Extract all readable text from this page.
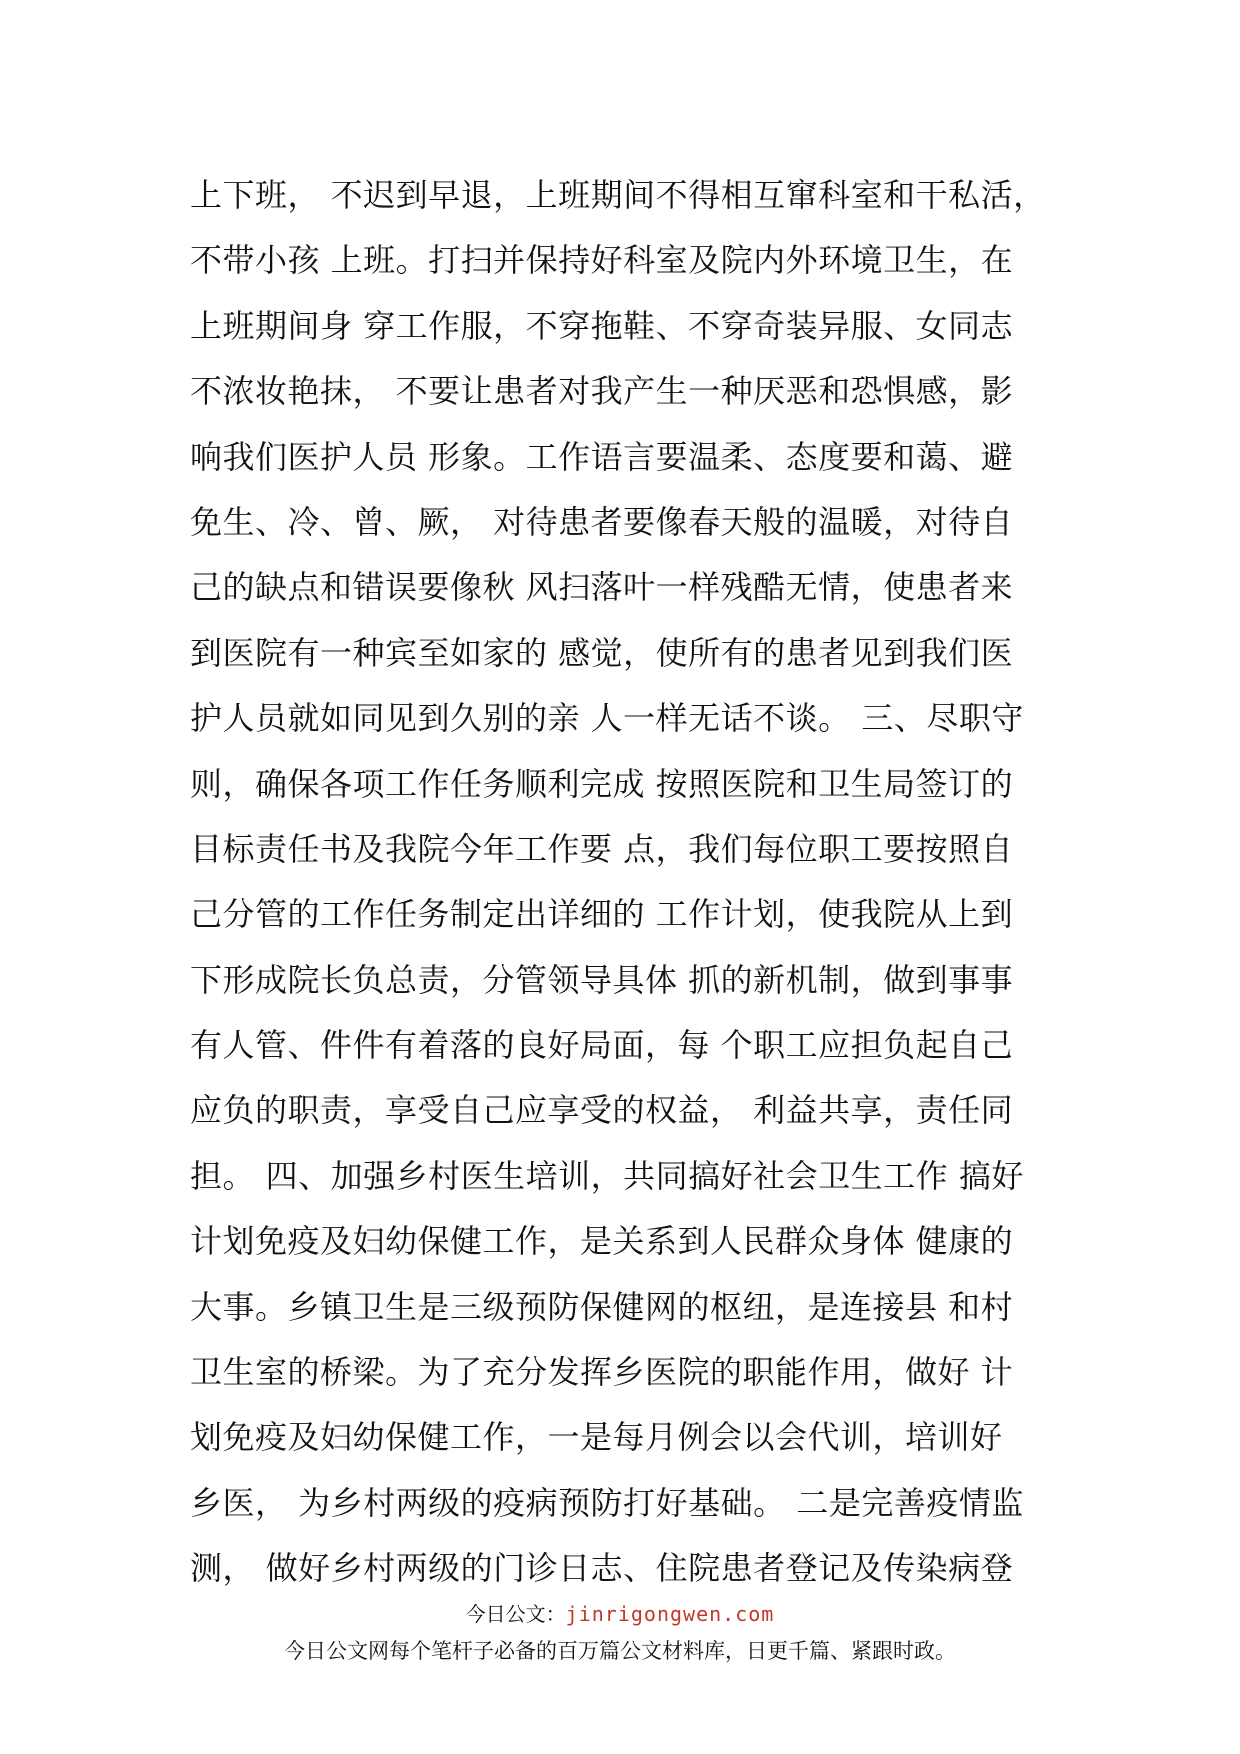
上下班， 不迟到早退，上班期间不得相互窜科室和干私活，
不带小孩 上班。打扫并保持好科室及院内外环境卫生，在
上班期间身 穿工作服，不穿拖鞋、不穿奇装异服、女同志
不浓妆艳抹， 不要让患者对我产生一种厌恶和恐惧感，影
响我们医护人员 形象。工作语言要温柔、态度要和蔼、避
免生、冷、曾、厥， 对待患者要像春天般的温暖，对待自
己的缺点和错误要像秋 风扫落叶一样残酷无情，使患者来
到医院有一种宾至如家的 感觉，使所有的患者见到我们医
护人员就如同见到久别的亲 人一样无话不谈。 三、尽职守
则，确保各项工作任务顺利完成 按照医院和卫生局签订的
目标责任书及我院今年工作要 点，我们每位职工要按照自
己分管的工作任务制定出详细的 工作计划，使我院从上到
下形成院长负总责，分管领导具体 抓的新机制，做到事事
有人管、件件有着落的良好局面，每 个职工应担负起自己
应负的职责，享受自己应享受的权益， 利益共享，责任同
担。 四、加强乡村医生培训，共同搞好社会卫生工作 搞好
计划免疫及妇幼保健工作，是关系到人民群众身体 健康的
大事。乡镇卫生是三级预防保健网的枢纽，是连接县 和村
卫生室的桥梁。为了充分发挥乡医院的职能作用，做好 计
划免疫及妇幼保健工作，一是每月例会以会代训，培训好
乡医， 为乡村两级的疫病预防打好基础。 二是完善疫情监
测， 做好乡村两级的门诊日志、住院患者登记及传染病登
今日公文：jinrigongwen.com
今日公文网每个笔杆子必备的百万篇公文材料库，日更千篇、紧跟时政。
